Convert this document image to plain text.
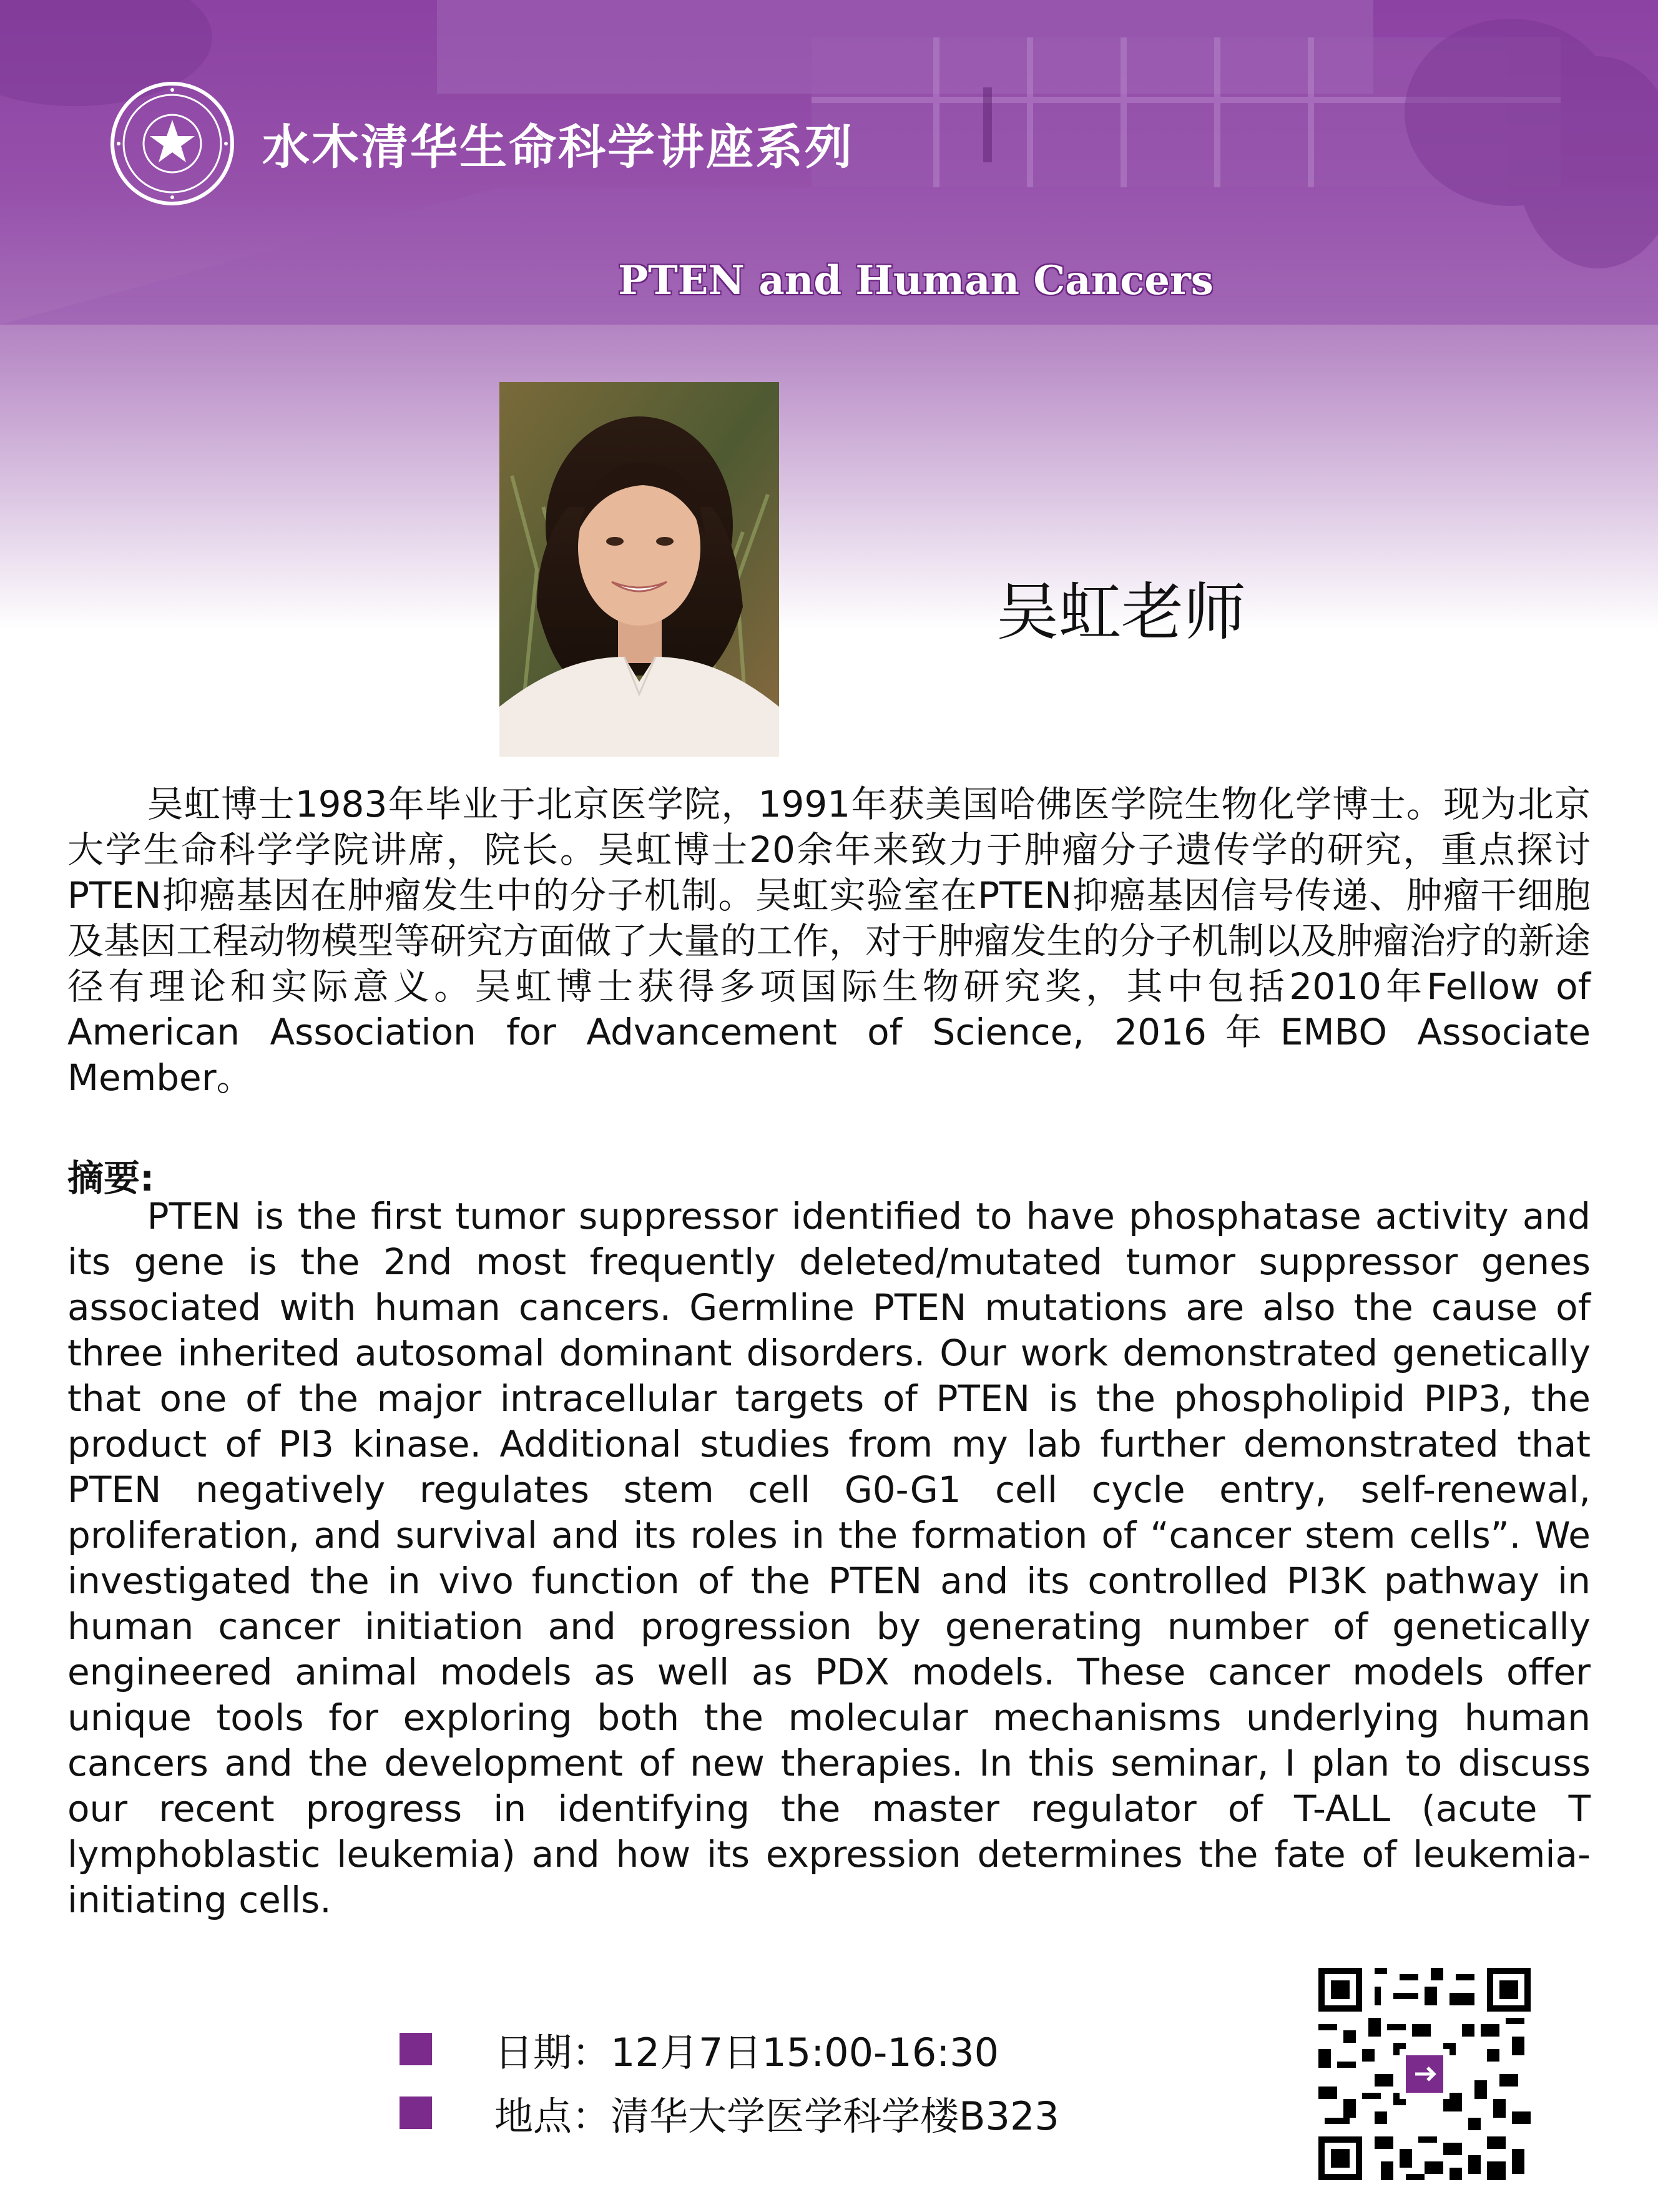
水木清华生命科学讲座系列
PTEN and Human Cancers
吴虹老师

吴虹博士1983年毕业于北京医学院，1991年获美国哈佛医学院生物化学博士。现为北京大学生命科学学院讲席，院长。吴虹博士20余年来致力于肿瘤分子遗传学的研究，重点探讨PTEN抑癌基因在肿瘤发生中的分子机制。吴虹实验室在PTEN抑癌基因信号传递、肿瘤干细胞及基因工程动物模型等研究方面做了大量的工作，对于肿瘤发生的分子机制以及肿瘤治疗的新途径有理论和实际意义。吴虹博士获得多项国际生物研究奖，其中包括2010年Fellow of American Association for Advancement of Science, 2016年EMBO Associate Member。

摘要:

PTEN is the first tumor suppressor identified to have phosphatase activity and its gene is the 2nd most frequently deleted/mutated tumor suppressor genes associated with human cancers. Germline PTEN mutations are also the cause of three inherited autosomal dominant disorders. Our work demonstrated genetically that one of the major intracellular targets of PTEN is the phospholipid PIP3, the product of PI3 kinase. Additional studies from my lab further demonstrated that PTEN negatively regulates stem cell G0-G1 cell cycle entry, self-renewal, proliferation, and survival and its roles in the formation of “cancer stem cells”. We investigated the in vivo function of the PTEN and its controlled PI3K pathway in human cancer initiation and progression by generating number of genetically engineered animal models as well as PDX models. These cancer models offer unique tools for exploring both the molecular mechanisms underlying human cancers and the development of new therapies. In this seminar, I plan to discuss our recent progress in identifying the master regulator of T-ALL (acute T lymphoblastic leukemia) and how its expression determines the fate of leukemia-initiating cells.

日期：12月7日15:00-16:30
地点：清华大学医学科学楼B323
